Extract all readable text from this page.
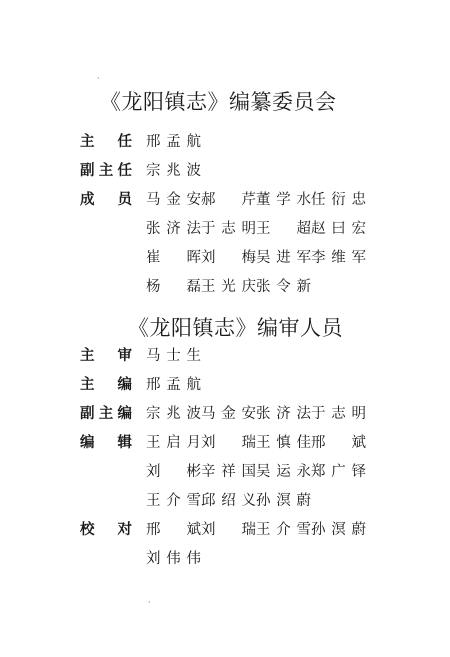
·
·
《龙阳镇志》编纂委员会
主 任 邢孟航
副 主 任 宗兆波
成 员 马金安郝 芹董学水任衍忠
张济法于志明王 超赵曰宏
崔 晖刘 梅吴进军李维军
杨 磊王光庆张令新
《龙阳镇志》编审人员
主 审 马士生
主 编 邢孟航
副 主 编 宗兆波马金安张济法于志明
编 辑 王启月刘 瑞王慎佳邢 斌
刘 彬辛祥国吴运永郑广铎
王介雪邱绍义孙溟蔚
校 对 邢 斌刘 瑞王介雪孙溟蔚
刘伟伟
